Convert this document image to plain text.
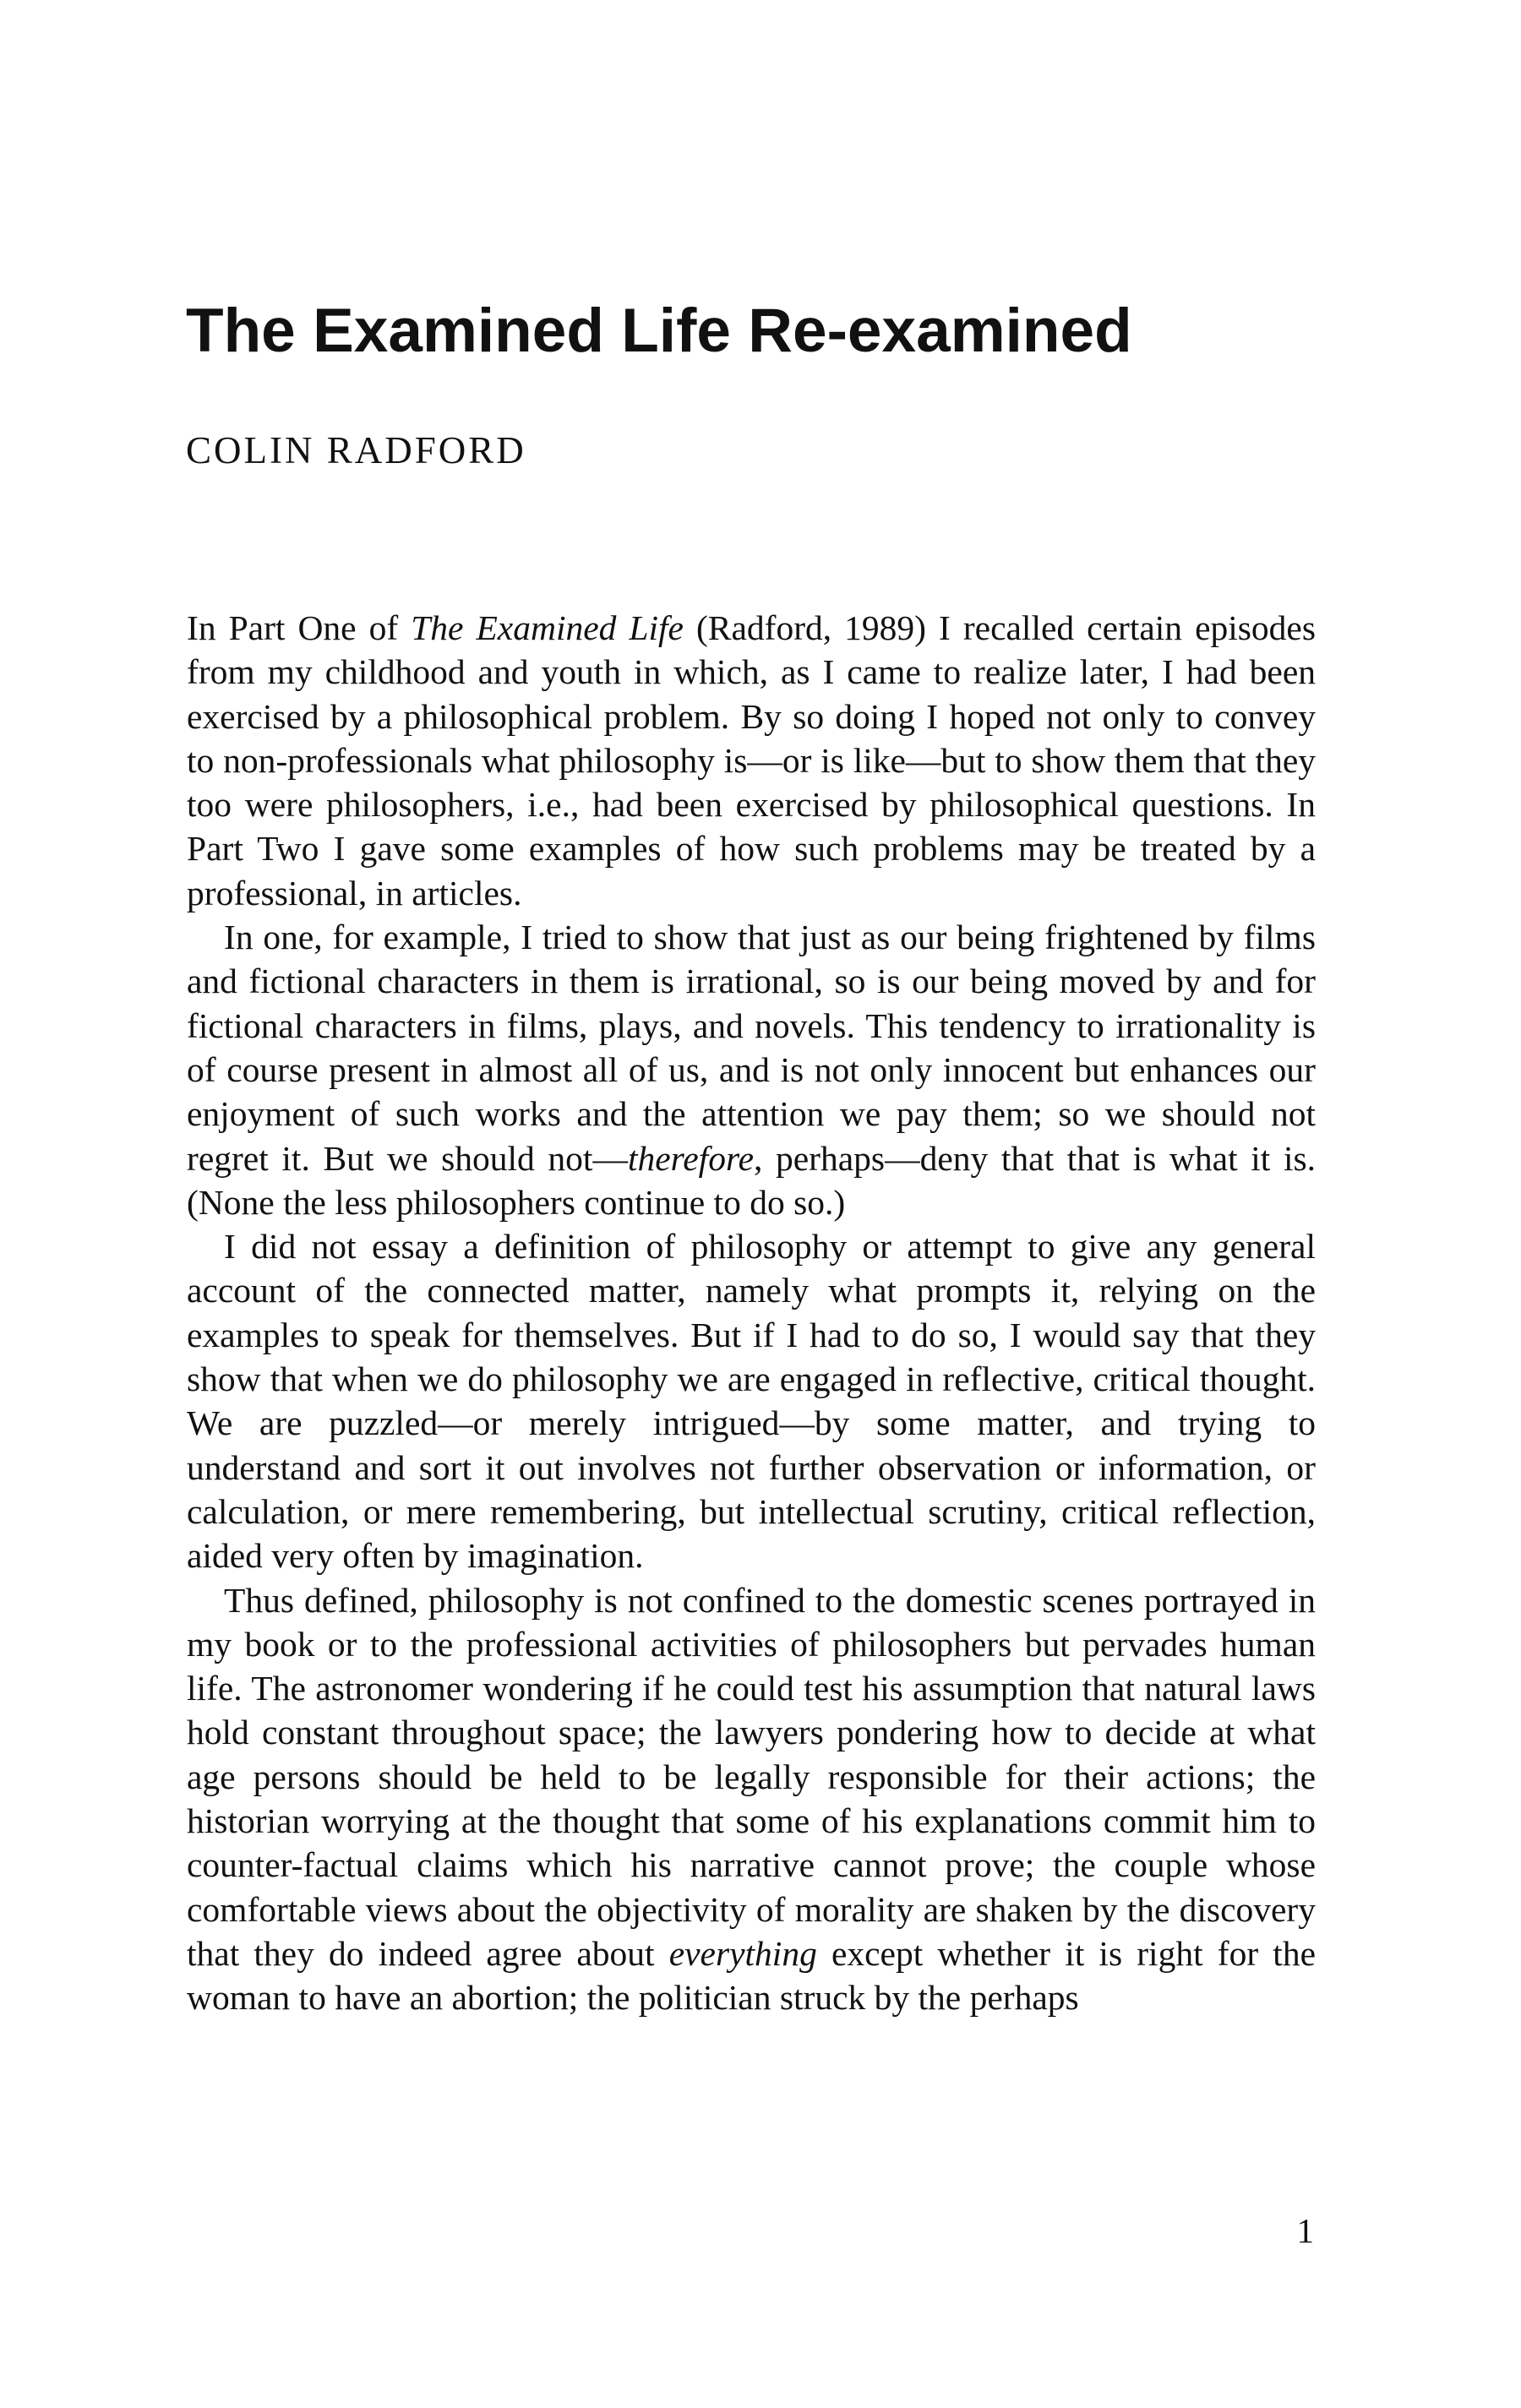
The Examined Life Re-examined
COLIN RADFORD

In Part One of The Examined Life (Radford, 1989) I recalled certain episodes from my childhood and youth in which, as I came to realize later, I had been exercised by a philosophical problem. By so doing I hoped not only to convey to non-professionals what philosophy is—or is like—but to show them that they too were philosophers, i.e., had been exercised by philosophical questions. In Part Two I gave some examples of how such problems may be treated by a professional, in articles.

In one, for example, I tried to show that just as our being frightened by films and fictional characters in them is irrational, so is our being moved by and for fictional characters in films, plays, and novels. This tendency to irrationality is of course present in almost all of us, and is not only innocent but enhances our enjoyment of such works and the attention we pay them; so we should not regret it. But we should not—therefore, perhaps—deny that that is what it is. (None the less philosophers continue to do so.)

I did not essay a definition of philosophy or attempt to give any general account of the connected matter, namely what prompts it, relying on the examples to speak for themselves. But if I had to do so, I would say that they show that when we do philosophy we are engaged in reflective, critical thought. We are puzzled—or merely intrigued—by some matter, and trying to understand and sort it out involves not further observation or information, or calculation, or mere remembering, but intellectual scrutiny, critical reflection, aided very often by imagination.

Thus defined, philosophy is not confined to the domestic scenes portrayed in my book or to the professional activities of philosophers but pervades human life. The astronomer wondering if he could test his assumption that natural laws hold constant throughout space; the lawyers pondering how to decide at what age persons should be held to be legally responsible for their actions; the historian worrying at the thought that some of his explanations commit him to counter-factual claims which his narrative cannot prove; the couple whose comfortable views about the objectivity of morality are shaken by the discovery that they do indeed agree about everything except whether it is right for the woman to have an abortion; the politician struck by the perhaps

1
